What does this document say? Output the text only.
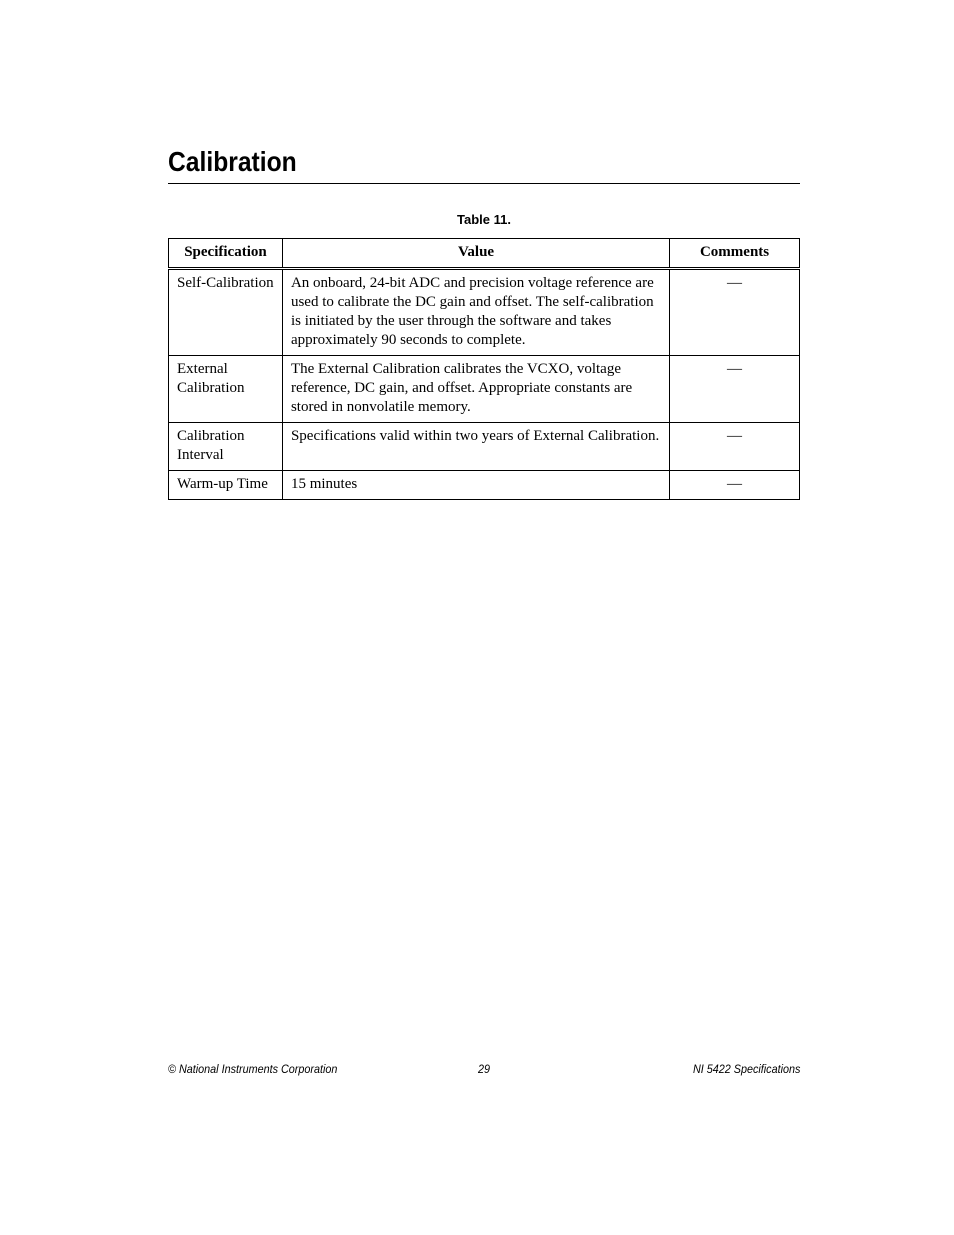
Calibration
Table 11.
Specification	Value	Comments
Self-Calibration	An onboard, 24-bit ADC and precision voltage reference are used to calibrate the DC gain and offset. The self-calibration is initiated by the user through the software and takes approximately 90 seconds to complete.	—
External Calibration	The External Calibration calibrates the VCXO, voltage reference, DC gain, and offset. Appropriate constants are stored in nonvolatile memory.	—
Calibration Interval	Specifications valid within two years of External Calibration.	—
Warm-up Time	15 minutes	—
© National Instruments Corporation	29	NI 5422 Specifications
